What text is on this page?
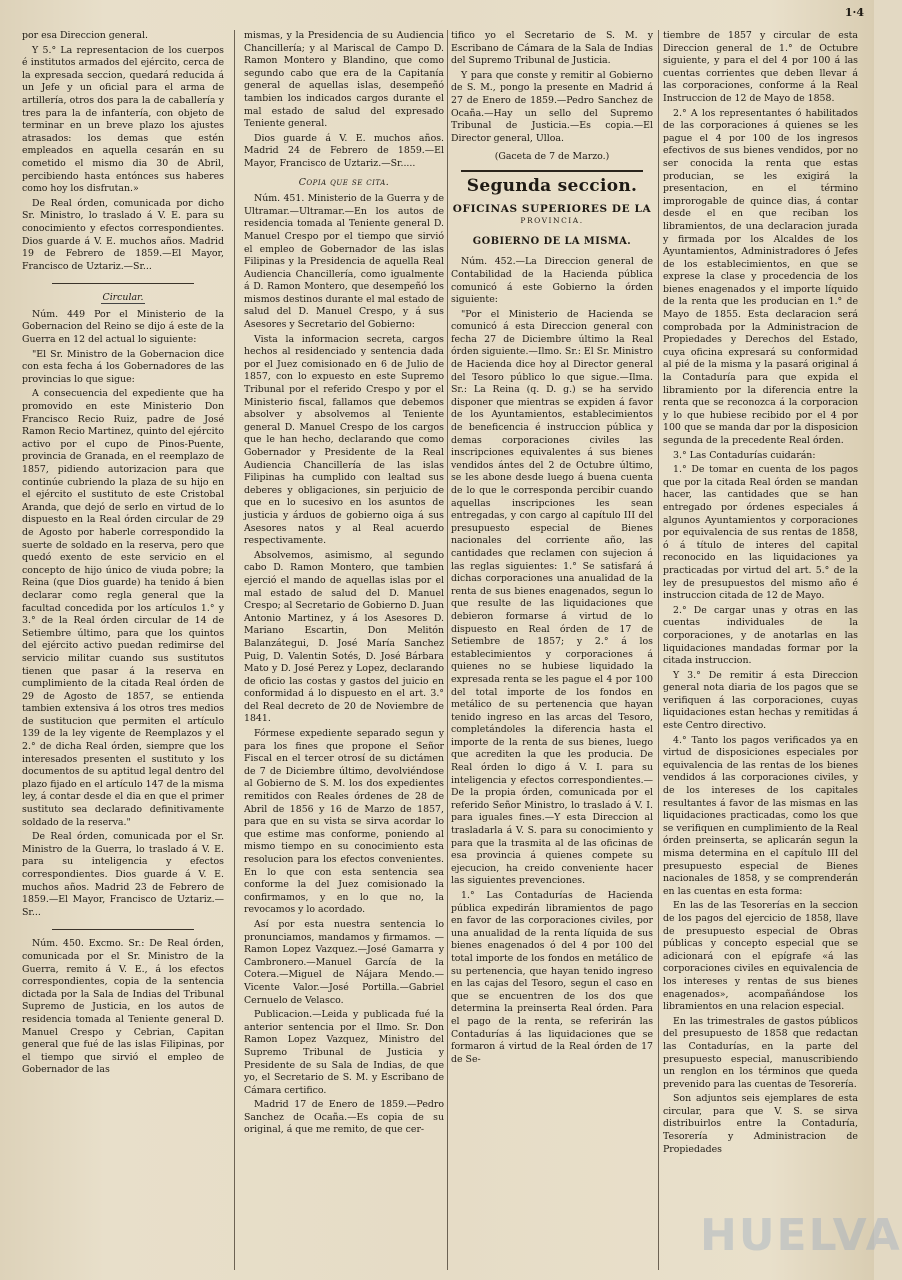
1·4

por esa Direccion general.

Y 5.° La representacion de los cuerpos é institutos armados del ejército, cerca de la expresada seccion, quedará reducida á un Jefe y un oficial para el arma de artillería, otros dos para la de caballería y tres para la de infantería, con objeto de terminar en un breve plazo los ajustes atrasados: los demas que estén empleados en aquella cesarán en su cometido el mismo dia 30 de Abril, percibiendo hasta entónces sus haberes como hoy los disfrutan.»

De Real órden, comunicada por dicho Sr. Ministro, lo traslado á V. E. para su conocimiento y efectos correspondientes. Dios guarde á V. E. muchos años. Madrid 19 de Febrero de 1859.—El Mayor, Francisco de Uztariz.—Sr...

Circular.

Núm. 449 Por el Ministerio de la Gobernacion del Reino se dijo á este de la Guerra en 12 del actual lo siguiente:

"El Sr. Ministro de la Gobernacion dice con esta fecha á los Gobernadores de las provincias lo que sigue:

A consecuencia del expediente que ha promovido en este Ministerio Don Francisco Recio Ruiz, padre de José Ramon Recio Martinez, quinto del ejército activo por el cupo de Pinos-Puente, provincia de Granada, en el reemplazo de 1857, pidiendo autorizacion para que continúe cubriendo la plaza de su hijo en el ejército el sustituto de este Cristobal Aranda, que dejó de serlo en virtud de lo dispuesto en la Real órden circular de 29 de Agosto por haberle correspondido la suerte de soldado en la reserva, pero que quedó exento de este servicio en el concepto de hijo único de viuda pobre; la Reina (que Dios guarde) ha tenido á bien declarar como regla general que la facultad concedida por los artículos 1.° y 3.° de la Real órden circular de 14 de Setiembre último, para que los quintos del ejército activo puedan redimirse del servicio militar cuando sus sustitutos tienen que pasar á la reserva en cumplimiento de la citada Real órden de 29 de Agosto de 1857, se entienda tambien extensiva á los otros tres medios de sustitucion que permiten el artículo 139 de la ley vigente de Reemplazos y el 2.° de dicha Real órden, siempre que los interesados presenten el sustituto y los documentos de su aptitud legal dentro del plazo fijado en el artículo 147 de la misma ley, á contar desde el dia en que el primer sustituto sea declarado definitivamente soldado de la reserva."

De Real órden, comunicada por el Sr. Ministro de la Guerra, lo traslado á V. E. para su inteligencia y efectos correspondientes. Dios guarde á V. E. muchos años. Madrid 23 de Febrero de 1859.—El Mayor, Francisco de Uztariz.—Sr...

Núm. 450. Excmo. Sr.: De Real órden, comunicada por el Sr. Ministro de la Guerra, remito á V. E., á los efectos correspondientes, copia de la sentencia dictada por la Sala de Indias del Tribunal Supremo de Justicia, en los autos de residencia tomada al Teniente general D. Manuel Crespo y Cebrian, Capitan general que fué de las islas Filipinas, por el tiempo que sirvió el empleo de Gobernador de las

mismas, y la Presidencia de su Audiencia Chancillería; y al Mariscal de Campo D. Ramon Montero y Blandino, que como segundo cabo que era de la Capitanía general de aquellas islas, desempeñó tambien los indicados cargos durante el mal estado de salud del expresado Teniente general.

Dios guarde á V. E. muchos años. Madrid 24 de Febrero de 1859.—El Mayor, Francisco de Uztariz.—Sr.....

Copia que se cita.

Núm. 451. Ministerio de la Guerra y de Ultramar.—Ultramar.—En los autos de residencia tomada al Teniente general D. Manuel Crespo por el tiempo que sirvió el empleo de Gobernador de las islas Filipinas y la Presidencia de aquella Real Audiencia Chancillería, como igualmente á D. Ramon Montero, que desempeñó los mismos destinos durante el mal estado de salud del D. Manuel Crespo, y á sus Asesores y Secretario del Gobierno:

Vista la informacion secreta, cargos hechos al residenciado y sentencia dada por el Juez comisionado en 6 de Julio de 1857, con lo expuesto en este Supremo Tribunal por el referido Crespo y por el Ministerio fiscal, fallamos que debemos absolver y absolvemos al Teniente general D. Manuel Crespo de los cargos que le han hecho, declarando que como Gobernador y Presidente de la Real Audiencia Chancillería de las islas Filipinas ha cumplido con lealtad sus deberes y obligaciones, sin perjuicio de que en lo sucesivo en los asuntos de justicia y árduos de gobierno oiga á sus Asesores natos y al Real acuerdo respectivamente.

Absolvemos, asimismo, al segundo cabo D. Ramon Montero, que tambien ejerció el mando de aquellas islas por el mal estado de salud del D. Manuel Crespo; al Secretario de Gobierno D. Juan Antonio Martinez, y á los Asesores D. Mariano Escartin, Don Melitón Balanzátegui, D. José María Sanchez Puig, D. Valentin Sotés, D. José Bárbara Mato y D. José Perez y Lopez, declarando de oficio las costas y gastos del juicio en conformidad á lo dispuesto en el art. 3.° del Real decreto de 20 de Noviembre de 1841.

Fórmese expediente separado segun y para los fines que propone el Señor Fiscal en el tercer otrosí de su dictámen de 7 de Diciembre último, devolviéndose al Gobierno de S. M. los dos expedientes remitidos con Reales órdenes de 28 de Abril de 1856 y 16 de Marzo de 1857, para que en su vista se sirva acordar lo que estime mas conforme, poniendo al mismo tiempo en su conocimiento esta resolucion para los efectos convenientes. En lo que con esta sentencia sea conforme la del Juez comisionado la confirmamos, y en lo que no, la revocamos y lo acordado.

Así por esta nuestra sentencia lo pronunciamos, mandamos y firmamos. —Ramon Lopez Vazquez.—José Gamarra y Cambronero.—Manuel García de la Cotera.—Miguel de Nájara Mendo.—Vicente Valor.—José Portilla.—Gabriel Cernuelo de Velasco.

Publicacion.—Leida y publicada fué la anterior sentencia por el Ilmo. Sr. Don Ramon Lopez Vazquez, Ministro del Supremo Tribunal de Justicia y Presidente de su Sala de Indias, de que yo, el Secretario de S. M. y Escribano de Cámara certifico.

Madrid 17 de Enero de 1859.—Pedro Sanchez de Ocaña.—Es copia de su original, á que me remito, de que cer-

tifico yo el Secretario de S. M. y Escribano de Cámara de la Sala de Indias del Supremo Tribunal de Justicia.

Y para que conste y remitir al Gobierno de S. M., pongo la presente en Madrid á 27 de Enero de 1859.—Pedro Sanchez de Ocaña.—Hay un sello del Supremo Tribunal de Justicia.—Es copia.—El Director general, Ulloa.

(Gaceta de 7 de Marzo.)
Segunda seccion.
OFICINAS SUPERIORES DE LA
PROVINCIA.
GOBIERNO DE LA MISMA.

Núm. 452.—La Direccion general de Contabilidad de la Hacienda pública comunicó á este Gobierno la órden siguiente:

"Por el Ministerio de Hacienda se comunicó á esta Direccion general con fecha 27 de Diciembre último la Real órden siguiente.—Ilmo. Sr.: El Sr. Ministro de Hacienda dice hoy al Director general del Tesoro público lo que sigue.—Ilma. Sr.: La Reina (q. D. g.) se ha servido disponer que mientras se expiden á favor de los Ayuntamientos, establecimientos de beneficencia é instruccion pública y demas corporaciones civiles las inscripciones equivalentes á sus bienes vendidos ántes del 2 de Octubre último, se les abone desde luego á buena cuenta de lo que le corresponda percibir cuando aquellas inscripciones les sean entregadas, y con cargo al capítulo III del presupuesto especial de Bienes nacionales del corriente año, las cantidades que reclamen con sujecion á las reglas siguientes: 1.° Se satisfará á dichas corporaciones una anualidad de la renta de sus bienes enagenados, segun lo que resulte de las liquidaciones que debieron formarse á virtud de lo dispuesto en Real órden de 17 de Setiembre de 1857; y 2.° á los establecimientos y corporaciones á quienes no se hubiese liquidado la expresada renta se les pague el 4 por 100 del total importe de los fondos en metálico de su pertenencia que hayan tenido ingreso en las arcas del Tesoro, completándoles la diferencia hasta el importe de la renta de sus bienes, luego que acrediten la que les producia. De Real órden lo digo á V. I. para su inteligencia y efectos correspondientes.—De la propia órden, comunicada por el referido Señor Ministro, lo traslado á V. I. para iguales fines.—Y esta Direccion al trasladarla á V. S. para su conocimiento y para que la trasmita al de las oficinas de esa provincia á quienes compete su ejecucion, ha creido conveniente hacer las siguientes prevenciones.

1.° Las Contadurías de Hacienda pública expedirán libramientos de pago en favor de las corporaciones civiles, por una anualidad de la renta líquida de sus bienes enagenados ó del 4 por 100 del total importe de los fondos en metálico de su pertenencia, que hayan tenido ingreso en las cajas del Tesoro, segun el caso en que se encuentren de los dos que determina la preinserta Real órden. Para el pago de la renta, se referirán las Contadurías á las liquidaciones que se formaron á virtud de la Real órden de 17 de Se-

tiembre de 1857 y circular de esta Direccion general de 1.° de Octubre siguiente, y para el del 4 por 100 á las cuentas corrientes que deben llevar á las corporaciones, conforme á la Real Instruccion de 12 de Mayo de 1858.

2.° A los representantes ó habilitados de las corporaciones á quienes se les pague el 4 por 100 de los ingresos efectivos de sus bienes vendidos, por no ser conocida la renta que estas producian, se les exigirá la presentacion, en el término improrogable de quince dias, á contar desde el en que reciban los libramientos, de una declaracion jurada y firmada por los Alcaldes de los Ayuntamientos, Administradores ó Jefes de los establecimientos, en que se exprese la clase y procedencia de los bienes enagenados y el importe líquido de la renta que les producian en 1.° de Mayo de 1855. Esta declaracion será comprobada por la Administracion de Propiedades y Derechos del Estado, cuya oficina expresará su conformidad al pié de la misma y la pasará original á la Contaduría para que expida el libramiento por la diferencia entre la renta que se reconozca á la corporacion y lo que hubiese recibido por el 4 por 100 que se manda dar por la disposicion segunda de la precedente Real órden.

3.° Las Contadurías cuidarán:

1.° De tomar en cuenta de los pagos que por la citada Real órden se mandan hacer, las cantidades que se han entregado por órdenes especiales á algunos Ayuntamientos y corporaciones por equivalencia de sus rentas de 1858, ó á título de interes del capital reconocido en las liquidaciones ya practicadas por virtud del art. 5.° de la ley de presupuestos del mismo año é instruccion citada de 12 de Mayo.

2.° De cargar unas y otras en las cuentas individuales de la corporaciones, y de anotarlas en las liquidaciones mandadas formar por la citada instruccion.

Y 3.° De remitir á esta Direccion general nota diaria de los pagos que se verifiquen á las corporaciones, cuyas liquidaciones estan hechas y remitidas á este Centro directivo.

4.° Tanto los pagos verificados ya en virtud de disposiciones especiales por equivalencia de las rentas de los bienes vendidos á las corporaciones civiles, y de los intereses de los capitales resultantes á favor de las mismas en las liquidaciones practicadas, como los que se verifiquen en cumplimiento de la Real órden preinserta, se aplicarán segun la misma determina en el capítulo III del presupuesto especial de Bienes nacionales de 1858, y se comprenderán en las cuentas en esta forma:

En las de las Tesorerías en la seccion de los pagos del ejercicio de 1858, llave de presupuesto especial de Obras públicas y concepto especial que se adicionará con el epígrafe «á las corporaciones civiles en equivalencia de los intereses y rentas de sus bienes enagenados», acompañándose los libramientos en una relacion especial.

En las trimestrales de gastos públicos del presupuesto de 1858 que redactan las Contadurías, en la parte del presupuesto especial, manuscribiendo un renglon en los términos que queda prevenido para las cuentas de Tesorería.

Son adjuntos seis ejemplares de esta circular, para que V. S. se sirva distribuirlos entre la Contaduría, Tesorería y Administracion de Propiedades

HUELVA
